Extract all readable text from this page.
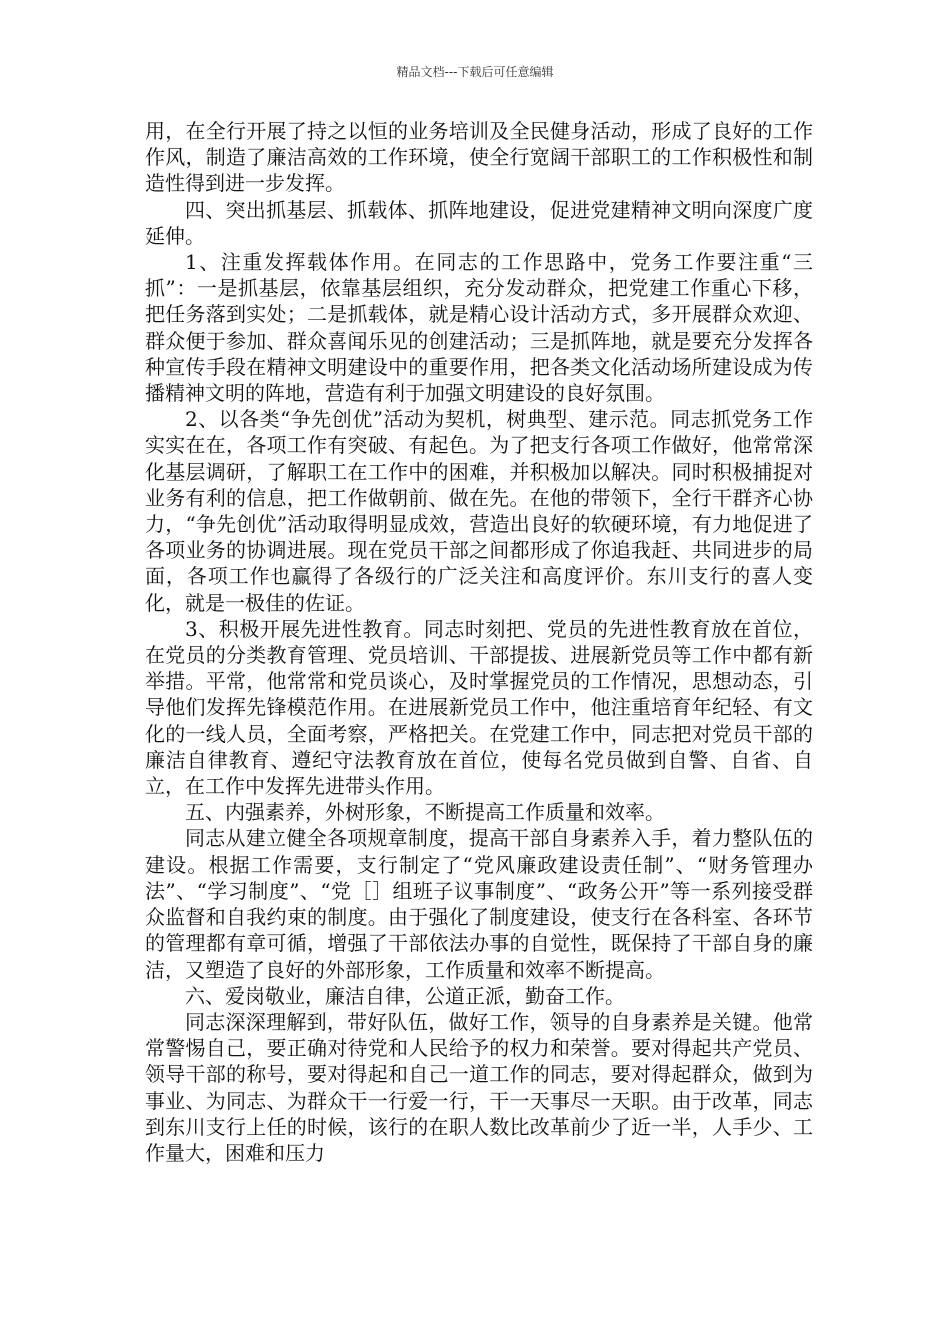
精品文档---下载后可任意编辑

用，在全行开展了持之以恒的业务培训及全民健身活动，形成了良好的工作作风，制造了廉洁高效的工作环境，使全行宽阔干部职工的工作积极性和制造性得到进一步发挥。

四、突出抓基层、抓载体、抓阵地建设，促进党建精神文明向深度广度延伸。

1、注重发挥载体作用。在同志的工作思路中，党务工作要注重“三抓”：一是抓基层，依靠基层组织，充分发动群众，把党建工作重心下移，把任务落到实处；二是抓载体，就是精心设计活动方式，多开展群众欢迎、群众便于参加、群众喜闻乐见的创建活动；三是抓阵地，就是要充分发挥各种宣传手段在精神文明建设中的重要作用，把各类文化活动场所建设成为传播精神文明的阵地，营造有利于加强文明建设的良好氛围。

2、以各类“争先创优”活动为契机，树典型、建示范。同志抓党务工作实实在在，各项工作有突破、有起色。为了把支行各项工作做好，他常常深化基层调研，了解职工在工作中的困难，并积极加以解决。同时积极捕捉对业务有利的信息，把工作做朝前、做在先。在他的带领下，全行干群齐心协力，“争先创优”活动取得明显成效，营造出良好的软硬环境，有力地促进了各项业务的协调进展。现在党员干部之间都形成了你追我赶、共同进步的局面，各项工作也赢得了各级行的广泛关注和高度评价。东川支行的喜人变化，就是一极佳的佐证。

3、积极开展先进性教育。同志时刻把、党员的先进性教育放在首位，在党员的分类教育管理、党员培训、干部提拔、进展新党员等工作中都有新举措。平常，他常常和党员谈心，及时掌握党员的工作情况，思想动态，引导他们发挥先锋模范作用。在进展新党员工作中，他注重培育年纪轻、有文化的一线人员，全面考察，严格把关。在党建工作中，同志把对党员干部的廉洁自律教育、遵纪守法教育放在首位，使每名党员做到自警、自省、自立，在工作中发挥先进带头作用。

五、内强素养，外树形象，不断提高工作质量和效率。

同志从建立健全各项规章制度，提高干部自身素养入手，着力整队伍的建设。根据工作需要，支行制定了“党风廉政建设责任制”、“财务管理办法”、“学习制度”、“党［］组班子议事制度”、“政务公开”等一系列接受群众监督和自我约束的制度。由于强化了制度建设，使支行在各科室、各环节的管理都有章可循，增强了干部依法办事的自觉性，既保持了干部自身的廉洁，又塑造了良好的外部形象，工作质量和效率不断提高。

六、爱岗敬业，廉洁自律，公道正派，勤奋工作。

同志深深理解到，带好队伍，做好工作，领导的自身素养是关键。他常常警惕自己，要正确对待党和人民给予的权力和荣誉。要对得起共产党员、领导干部的称号，要对得起和自己一道工作的同志，要对得起群众，做到为事业、为同志、为群众干一行爱一行，干一天事尽一天职。由于改革，同志到东川支行上任的时候，该行的在职人数比改革前少了近一半，人手少、工作量大，困难和压力
